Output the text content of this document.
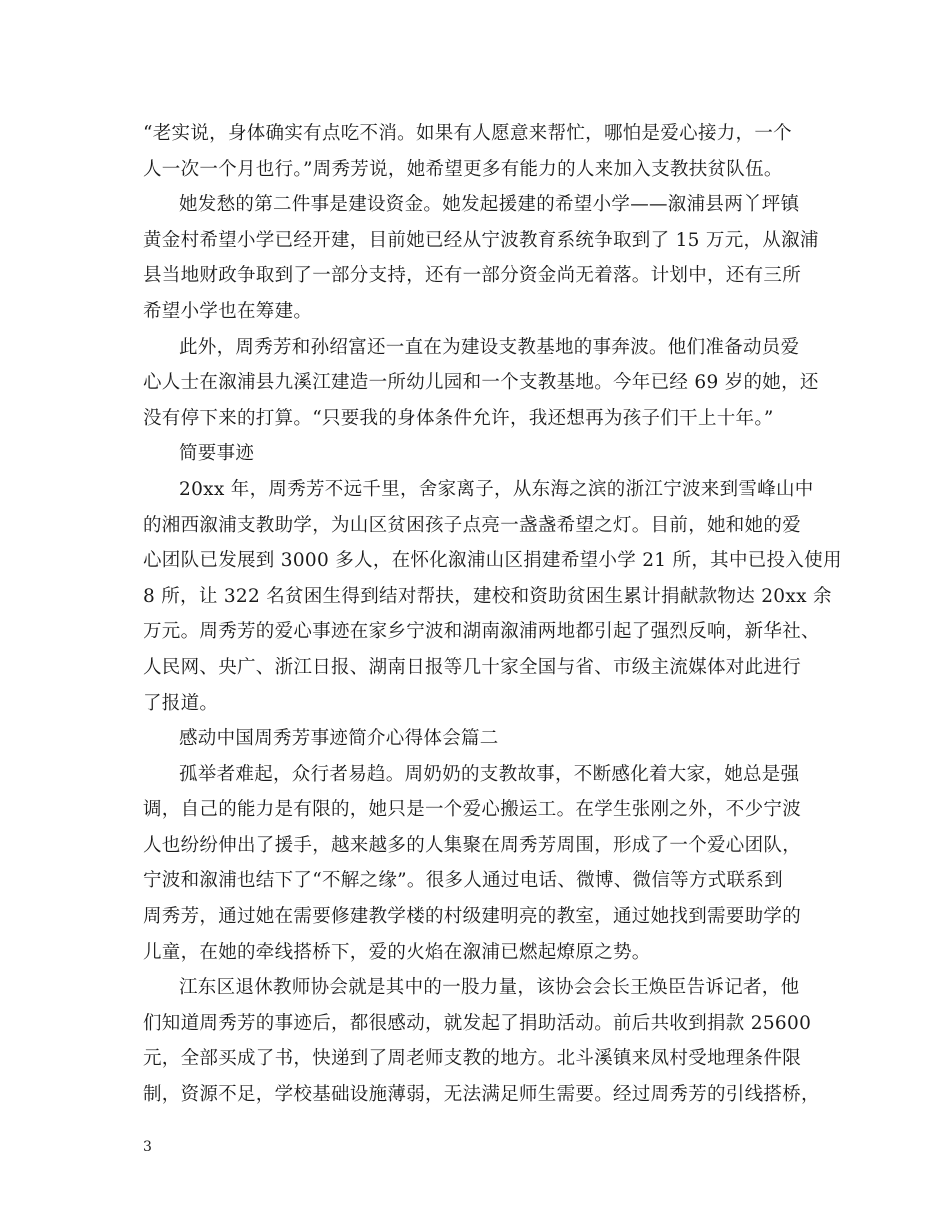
“老实说，身体确实有点吃不消。如果有人愿意来帮忙，哪怕是爱心接力，一个
人一次一个月也行。”周秀芳说，她希望更多有能力的人来加入支教扶贫队伍。
她发愁的第二件事是建设资金。她发起援建的希望小学——溆浦县两丫坪镇
黄金村希望小学已经开建，目前她已经从宁波教育系统争取到了 15 万元，从溆浦
县当地财政争取到了一部分支持，还有一部分资金尚无着落。计划中，还有三所
希望小学也在筹建。
此外，周秀芳和孙绍富还一直在为建设支教基地的事奔波。他们准备动员爱
心人士在溆浦县九溪江建造一所幼儿园和一个支教基地。今年已经 69 岁的她，还
没有停下来的打算。“只要我的身体条件允许，我还想再为孩子们干上十年。”
简要事迹
20xx 年，周秀芳不远千里，舍家离子，从东海之滨的浙江宁波来到雪峰山中
的湘西溆浦支教助学，为山区贫困孩子点亮一盏盏希望之灯。目前，她和她的爱
心团队已发展到 3000 多人，在怀化溆浦山区捐建希望小学 21 所，其中已投入使用
8 所，让 322 名贫困生得到结对帮扶，建校和资助贫困生累计捐献款物达 20xx 余
万元。周秀芳的爱心事迹在家乡宁波和湖南溆浦两地都引起了强烈反响，新华社、
人民网、央广、浙江日报、湖南日报等几十家全国与省、市级主流媒体对此进行
了报道。
感动中国周秀芳事迹简介心得体会篇二
孤举者难起，众行者易趋。周奶奶的支教故事，不断感化着大家，她总是强
调，自己的能力是有限的，她只是一个爱心搬运工。在学生张刚之外，不少宁波
人也纷纷伸出了援手，越来越多的人集聚在周秀芳周围，形成了一个爱心团队，
宁波和溆浦也结下了“不解之缘”。很多人通过电话、微博、微信等方式联系到
周秀芳，通过她在需要修建教学楼的村级建明亮的教室，通过她找到需要助学的
儿童，在她的牵线搭桥下，爱的火焰在溆浦已燃起燎原之势。
江东区退休教师协会就是其中的一股力量，该协会会长王焕臣告诉记者，他
们知道周秀芳的事迹后，都很感动，就发起了捐助活动。前后共收到捐款 25600
元，全部买成了书，快递到了周老师支教的地方。北斗溪镇来凤村受地理条件限
制，资源不足，学校基础设施薄弱，无法满足师生需要。经过周秀芳的引线搭桥，
3
